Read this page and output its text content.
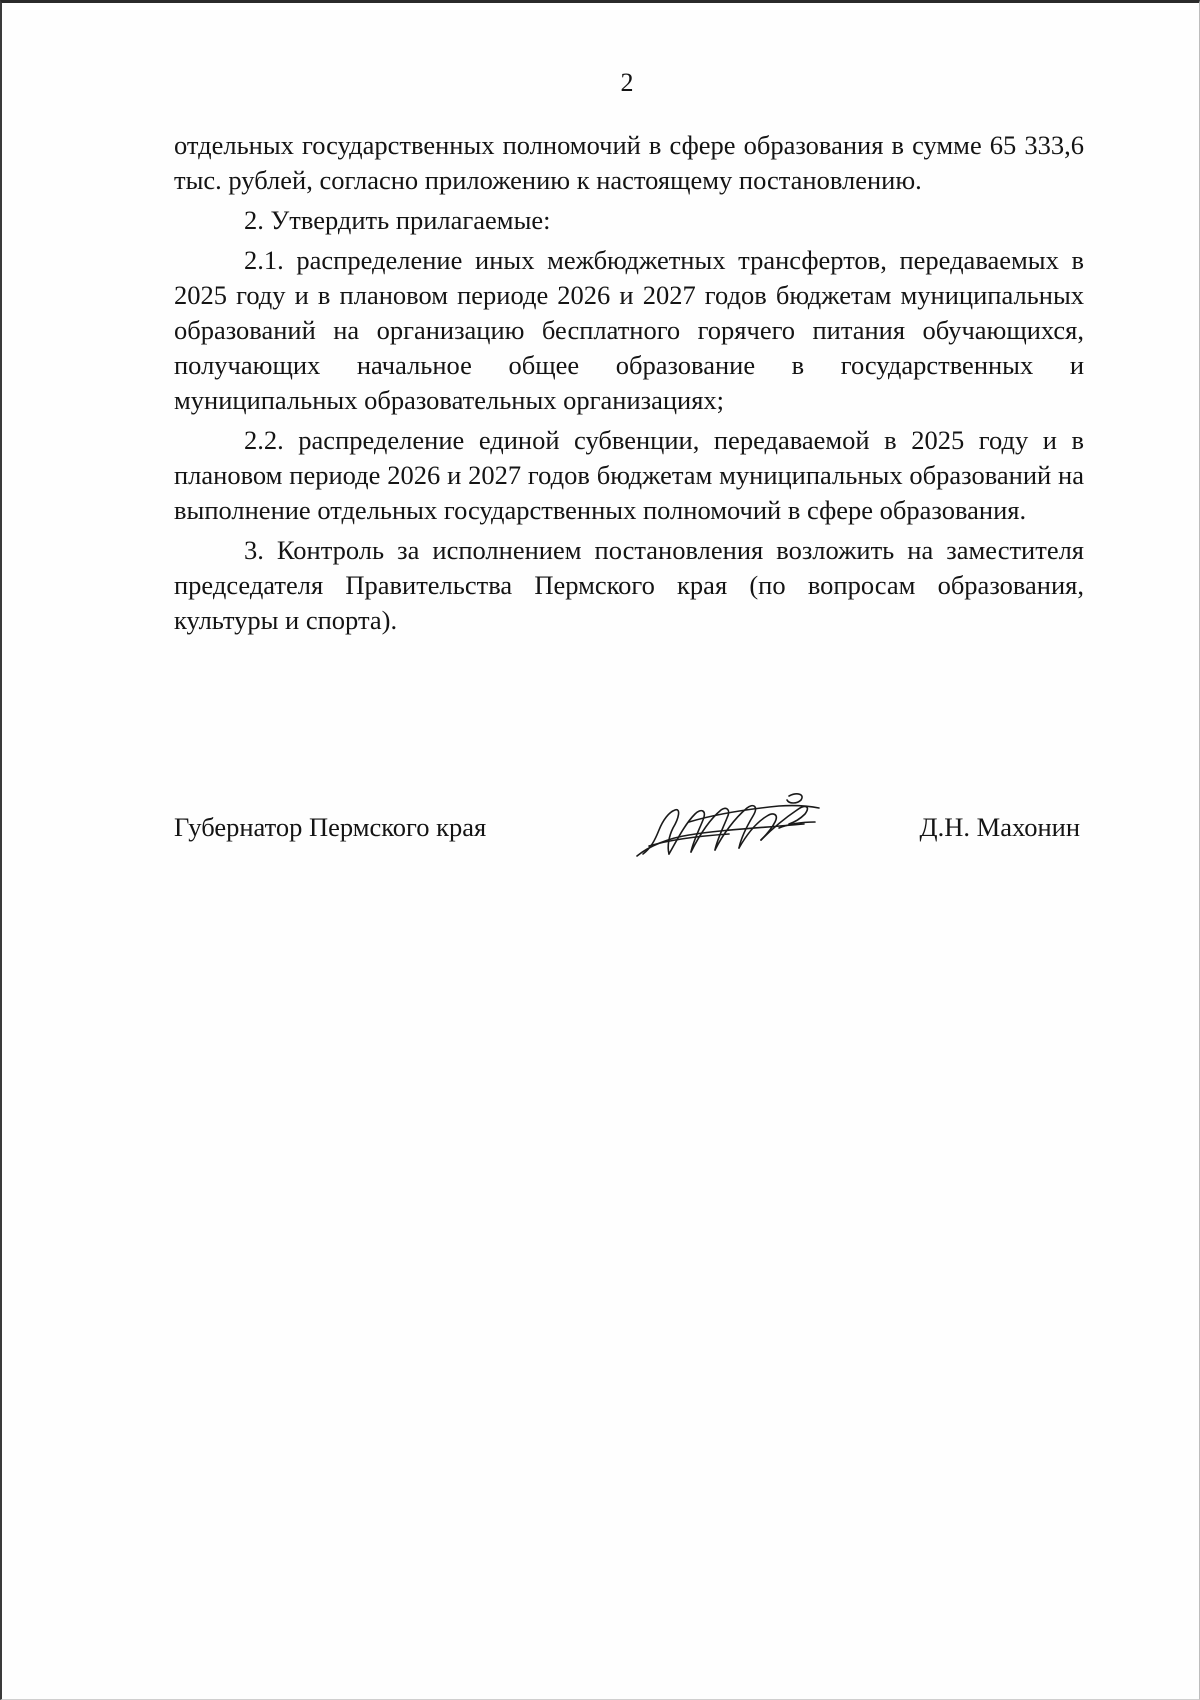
2

отдельных государственных полномочий в сфере образования в сумме 65 333,6 тыс. рублей, согласно приложению к настоящему постановлению.

2. Утвердить прилагаемые:

2.1. распределение иных межбюджетных трансфертов, передаваемых в 2025 году и в плановом периоде 2026 и 2027 годов бюджетам муниципальных образований на организацию бесплатного горячего питания обучающихся, получающих начальное общее образование в государственных и муниципальных образовательных организациях;

2.2. распределение единой субвенции, передаваемой в 2025 году и в плановом периоде 2026 и 2027 годов бюджетам муниципальных образований на выполнение отдельных государственных полномочий в сфере образования.

3. Контроль за исполнением постановления возложить на заместителя председателя Правительства Пермского края (по вопросам образования, культуры и спорта).

Губернатор Пермского края	Д.Н. Махонин
